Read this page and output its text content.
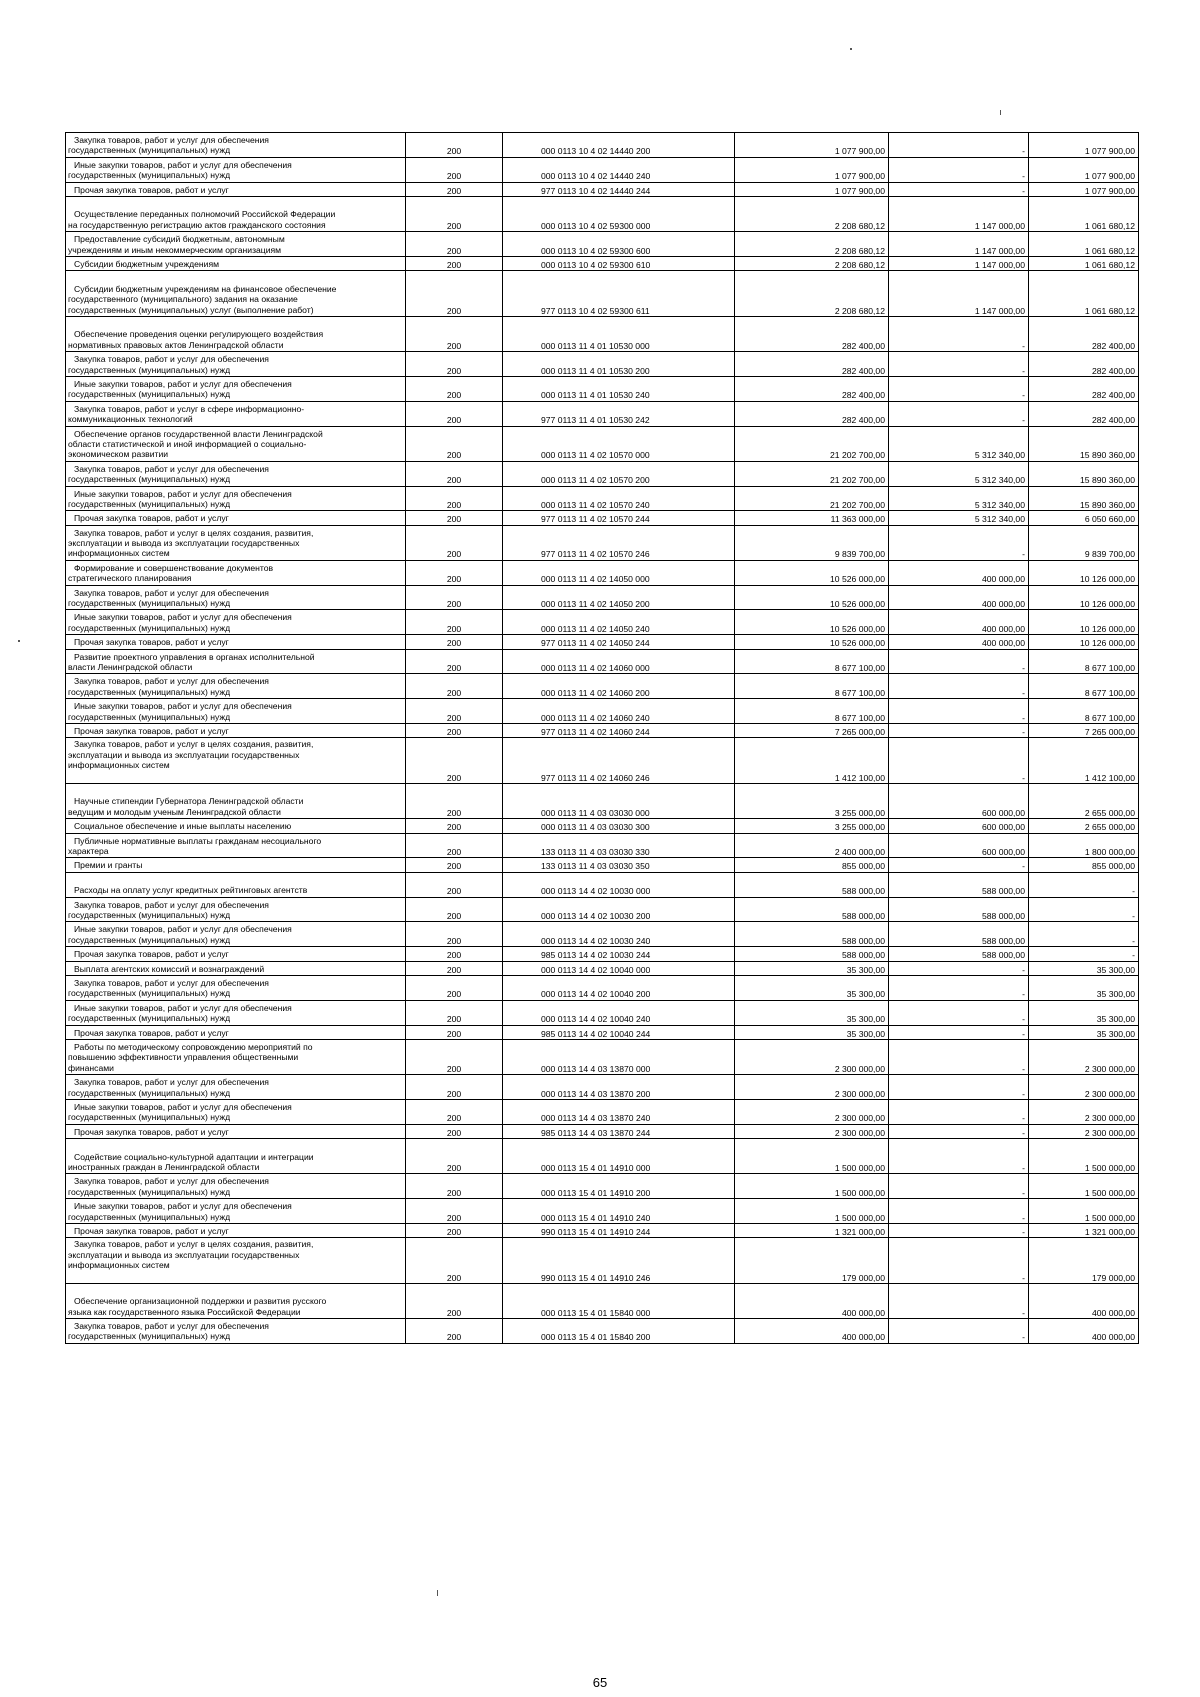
Закупка товаров, работ и услуг для обеспечения
государственных (муниципальных) нужд	200	000 0113 10 4 02 14440 200	1 077 900,00	-	1 077 900,00

Иные закупки товаров, работ и услуг для обеспечения
государственных (муниципальных) нужд	200	000 0113 10 4 02 14440 240	1 077 900,00	-	1 077 900,00

Прочая закупка товаров, работ и услуг	200	977 0113 10 4 02 14440 244	1 077 900,00	-	1 077 900,00

Осуществление переданных полномочий Российской Федерации
на государственную регистрацию актов гражданского состояния	200	000 0113 10 4 02 59300 000	2 208 680,12	1 147 000,00	1 061 680,12

Предоставление субсидий бюджетным, автономным
учреждениям и иным некоммерческим организациям	200	000 0113 10 4 02 59300 600	2 208 680,12	1 147 000,00	1 061 680,12

Субсидии бюджетным учреждениям	200	000 0113 10 4 02 59300 610	2 208 680,12	1 147 000,00	1 061 680,12

Субсидии бюджетным учреждениям на финансовое обеспечение
государственного (муниципального) задания на оказание
государственных (муниципальных) услуг (выполнение работ)	200	977 0113 10 4 02 59300 611	2 208 680,12	1 147 000,00	1 061 680,12

Обеспечение проведения оценки регулирующего воздействия
нормативных правовых актов Ленинградской области	200	000 0113 11 4 01 10530 000	282 400,00	-	282 400,00

Закупка товаров, работ и услуг для обеспечения
государственных (муниципальных) нужд	200	000 0113 11 4 01 10530 200	282 400,00	-	282 400,00

Иные закупки товаров, работ и услуг для обеспечения
государственных (муниципальных) нужд	200	000 0113 11 4 01 10530 240	282 400,00	-	282 400,00

Закупка товаров, работ и услуг в сфере информационно-
коммуникационных технологий	200	977 0113 11 4 01 10530 242	282 400,00	-	282 400,00

Обеспечение органов государственной власти Ленинградской
области статистической и иной информацией о социально-
экономическом развитии	200	000 0113 11 4 02 10570 000	21 202 700,00	5 312 340,00	15 890 360,00

Закупка товаров, работ и услуг для обеспечения
государственных (муниципальных) нужд	200	000 0113 11 4 02 10570 200	21 202 700,00	5 312 340,00	15 890 360,00

Иные закупки товаров, работ и услуг для обеспечения
государственных (муниципальных) нужд	200	000 0113 11 4 02 10570 240	21 202 700,00	5 312 340,00	15 890 360,00

Прочая закупка товаров, работ и услуг	200	977 0113 11 4 02 10570 244	11 363 000,00	5 312 340,00	6 050 660,00

Закупка товаров, работ и услуг в целях создания, развития,
эксплуатации и вывода из эксплуатации государственных
информационных систем	200	977 0113 11 4 02 10570 246	9 839 700,00	-	9 839 700,00

Формирование и совершенствование документов
стратегического планирования	200	000 0113 11 4 02 14050 000	10 526 000,00	400 000,00	10 126 000,00

Закупка товаров, работ и услуг для обеспечения
государственных (муниципальных) нужд	200	000 0113 11 4 02 14050 200	10 526 000,00	400 000,00	10 126 000,00

Иные закупки товаров, работ и услуг для обеспечения
государственных (муниципальных) нужд	200	000 0113 11 4 02 14050 240	10 526 000,00	400 000,00	10 126 000,00

Прочая закупка товаров, работ и услуг	200	977 0113 11 4 02 14050 244	10 526 000,00	400 000,00	10 126 000,00

Развитие проектного управления в органах исполнительной
власти Ленинградской области	200	000 0113 11 4 02 14060 000	8 677 100,00	-	8 677 100,00

Закупка товаров, работ и услуг для обеспечения
государственных (муниципальных) нужд	200	000 0113 11 4 02 14060 200	8 677 100,00	-	8 677 100,00

Иные закупки товаров, работ и услуг для обеспечения
государственных (муниципальных) нужд	200	000 0113 11 4 02 14060 240	8 677 100,00	-	8 677 100,00

Прочая закупка товаров, работ и услуг	200	977 0113 11 4 02 14060 244	7 265 000,00	-	7 265 000,00

Закупка товаров, работ и услуг в целях создания, развития,
эксплуатации и вывода из эксплуатации государственных
информационных систем	200	977 0113 11 4 02 14060 246	1 412 100,00	-	1 412 100,00

Научные стипендии Губернатора Ленинградской области
ведущим и молодым ученым Ленинградской области	200	000 0113 11 4 03 03030 000	3 255 000,00	600 000,00	2 655 000,00

Социальное обеспечение и иные выплаты населению	200	000 0113 11 4 03 03030 300	3 255 000,00	600 000,00	2 655 000,00

Публичные нормативные выплаты гражданам несоциального
характера	200	133 0113 11 4 03 03030 330	2 400 000,00	600 000,00	1 800 000,00

Премии и гранты	200	133 0113 11 4 03 03030 350	855 000,00	-	855 000,00

Расходы на оплату услуг кредитных рейтинговых агентств	200	000 0113 14 4 02 10030 000	588 000,00	588 000,00	-

Закупка товаров, работ и услуг для обеспечения
государственных (муниципальных) нужд	200	000 0113 14 4 02 10030 200	588 000,00	588 000,00	-

Иные закупки товаров, работ и услуг для обеспечения
государственных (муниципальных) нужд	200	000 0113 14 4 02 10030 240	588 000,00	588 000,00	-

Прочая закупка товаров, работ и услуг	200	985 0113 14 4 02 10030 244	588 000,00	588 000,00	-

Выплата агентских комиссий и вознаграждений	200	000 0113 14 4 02 10040 000	35 300,00	-	35 300,00

Закупка товаров, работ и услуг для обеспечения
государственных (муниципальных) нужд	200	000 0113 14 4 02 10040 200	35 300,00	-	35 300,00

Иные закупки товаров, работ и услуг для обеспечения
государственных (муниципальных) нужд	200	000 0113 14 4 02 10040 240	35 300,00	-	35 300,00

Прочая закупка товаров, работ и услуг	200	985 0113 14 4 02 10040 244	35 300,00	-	35 300,00

Работы по методическому сопровождению мероприятий по
повышению эффективности управления общественными
финансами	200	000 0113 14 4 03 13870 000	2 300 000,00	-	2 300 000,00

Закупка товаров, работ и услуг для обеспечения
государственных (муниципальных) нужд	200	000 0113 14 4 03 13870 200	2 300 000,00	-	2 300 000,00

Иные закупки товаров, работ и услуг для обеспечения
государственных (муниципальных) нужд	200	000 0113 14 4 03 13870 240	2 300 000,00	-	2 300 000,00

Прочая закупка товаров, работ и услуг	200	985 0113 14 4 03 13870 244	2 300 000,00	-	2 300 000,00

Содействие социально-культурной адаптации и интеграции
иностранных граждан в Ленинградской области	200	000 0113 15 4 01 14910 000	1 500 000,00	-	1 500 000,00

Закупка товаров, работ и услуг для обеспечения
государственных (муниципальных) нужд	200	000 0113 15 4 01 14910 200	1 500 000,00	-	1 500 000,00

Иные закупки товаров, работ и услуг для обеспечения
государственных (муниципальных) нужд	200	000 0113 15 4 01 14910 240	1 500 000,00	-	1 500 000,00

Прочая закупка товаров, работ и услуг	200	990 0113 15 4 01 14910 244	1 321 000,00	-	1 321 000,00

Закупка товаров, работ и услуг в целях создания, развития,
эксплуатации и вывода из эксплуатации государственных
информационных систем	200	990 0113 15 4 01 14910 246	179 000,00	-	179 000,00

Обеспечение организационной поддержки и развития русского
языка как государственного языка Российской Федерации	200	000 0113 15 4 01 15840 000	400 000,00	-	400 000,00

Закупка товаров, работ и услуг для обеспечения
государственных (муниципальных) нужд	200	000 0113 15 4 01 15840 200	400 000,00	-	400 000,00
65
